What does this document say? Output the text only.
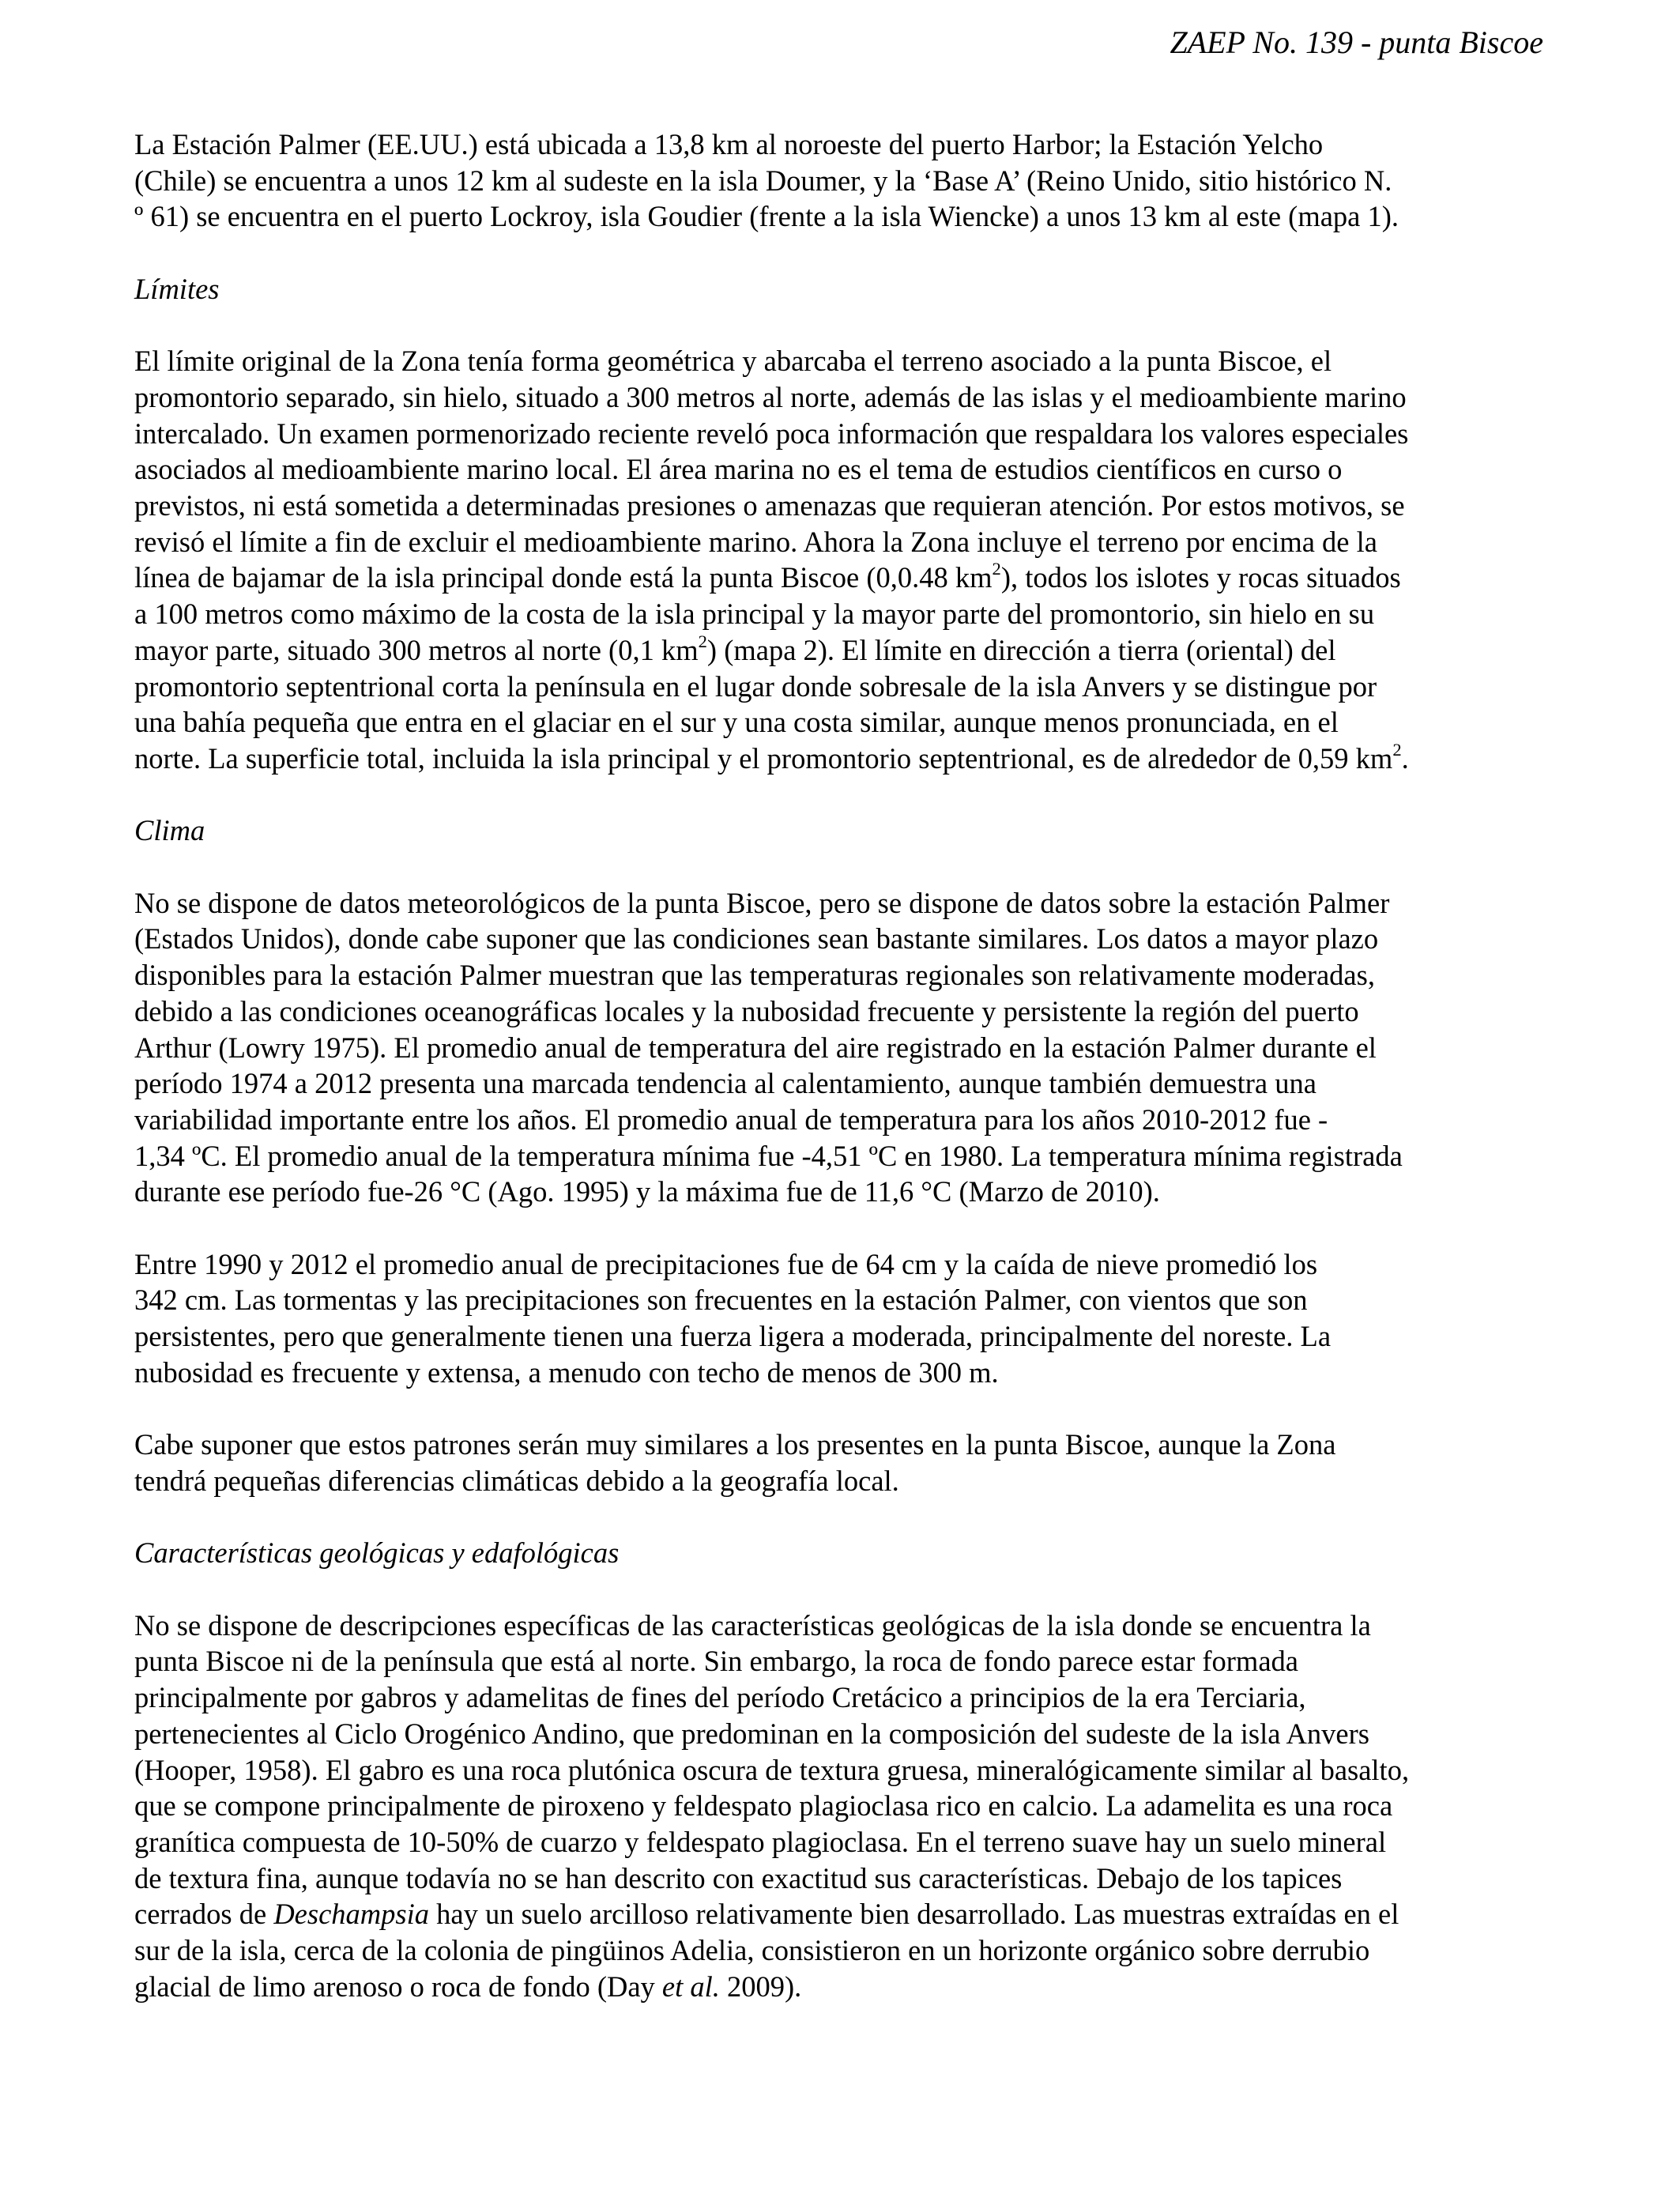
ZAEP No. 139 - punta Biscoe

La Estación Palmer (EE.UU.) está ubicada a 13,8 km al noroeste del puerto Harbor; la Estación Yelcho
(Chile) se encuentra a unos 12 km al sudeste en la isla Doumer, y la ‘Base A’ (Reino Unido, sitio histórico N.
º 61) se encuentra en el puerto Lockroy, isla Goudier (frente a la isla Wiencke) a unos 13 km al este (mapa 1).

Límites

El límite original de la Zona tenía forma geométrica y abarcaba el terreno asociado a la punta Biscoe, el
promontorio separado, sin hielo, situado a 300 metros al norte, además de las islas y el medioambiente marino
intercalado. Un examen pormenorizado reciente reveló poca información que respaldara los valores especiales
asociados al medioambiente marino local. El área marina no es el tema de estudios científicos en curso o
previstos, ni está sometida a determinadas presiones o amenazas que requieran atención. Por estos motivos, se
revisó el límite a fin de excluir el medioambiente marino. Ahora la Zona incluye el terreno por encima de la
línea de bajamar de la isla principal donde está la punta Biscoe (0,0.48 $km^2$), todos los islotes y rocas situados
a 100 metros como máximo de la costa de la isla principal y la mayor parte del promontorio, sin hielo en su
mayor parte, situado 300 metros al norte (0,1 $km^2$) (mapa 2). El límite en dirección a tierra (oriental) del
promontorio septentrional corta la península en el lugar donde sobresale de la isla Anvers y se distingue por
una bahía pequeña que entra en el glaciar en el sur y una costa similar, aunque menos pronunciada, en el
norte. La superficie total, incluida la isla principal y el promontorio septentrional, es de alrededor de 0,59 $km^2$.

Clima

No se dispone de datos meteorológicos de la punta Biscoe, pero se dispone de datos sobre la estación Palmer
(Estados Unidos), donde cabe suponer que las condiciones sean bastante similares. Los datos a mayor plazo
disponibles para la estación Palmer muestran que las temperaturas regionales son relativamente moderadas,
debido a las condiciones oceanográficas locales y la nubosidad frecuente y persistente la región del puerto
Arthur (Lowry 1975). El promedio anual de temperatura del aire registrado en la estación Palmer durante el
período 1974 a 2012 presenta una marcada tendencia al calentamiento, aunque también demuestra una
variabilidad importante entre los años. El promedio anual de temperatura para los años 2010-2012 fue -
1,34 ºC. El promedio anual de la temperatura mínima fue -4,51 ºC en 1980. La temperatura mínima registrada
durante ese período fue-26 °C (Ago. 1995) y la máxima fue de 11,6 °C (Marzo de 2010).

Entre 1990 y 2012 el promedio anual de precipitaciones fue de 64 cm y la caída de nieve promedió los
342 cm. Las tormentas y las precipitaciones son frecuentes en la estación Palmer, con vientos que son
persistentes, pero que generalmente tienen una fuerza ligera a moderada, principalmente del noreste. La
nubosidad es frecuente y extensa, a menudo con techo de menos de 300 m.

Cabe suponer que estos patrones serán muy similares a los presentes en la punta Biscoe, aunque la Zona
tendrá pequeñas diferencias climáticas debido a la geografía local.

Características geológicas y edafológicas

No se dispone de descripciones específicas de las características geológicas de la isla donde se encuentra la
punta Biscoe ni de la península que está al norte. Sin embargo, la roca de fondo parece estar formada
principalmente por gabros y adamelitas de fines del período Cretácico a principios de la era Terciaria,
pertenecientes al Ciclo Orogénico Andino, que predominan en la composición del sudeste de la isla Anvers
(Hooper, 1958). El gabro es una roca plutónica oscura de textura gruesa, mineralógicamente similar al basalto,
que se compone principalmente de piroxeno y feldespato plagioclasa rico en calcio. La adamelita es una roca
granítica compuesta de 10-50% de cuarzo y feldespato plagioclasa. En el terreno suave hay un suelo mineral
de textura fina, aunque todavía no se han descrito con exactitud sus características. Debajo de los tapices
cerrados de Deschampsia hay un suelo arcilloso relativamente bien desarrollado. Las muestras extraídas en el
sur de la isla, cerca de la colonia de pingüinos Adelia, consistieron en un horizonte orgánico sobre derrubio
glacial de limo arenoso o roca de fondo (Day et al. 2009).
